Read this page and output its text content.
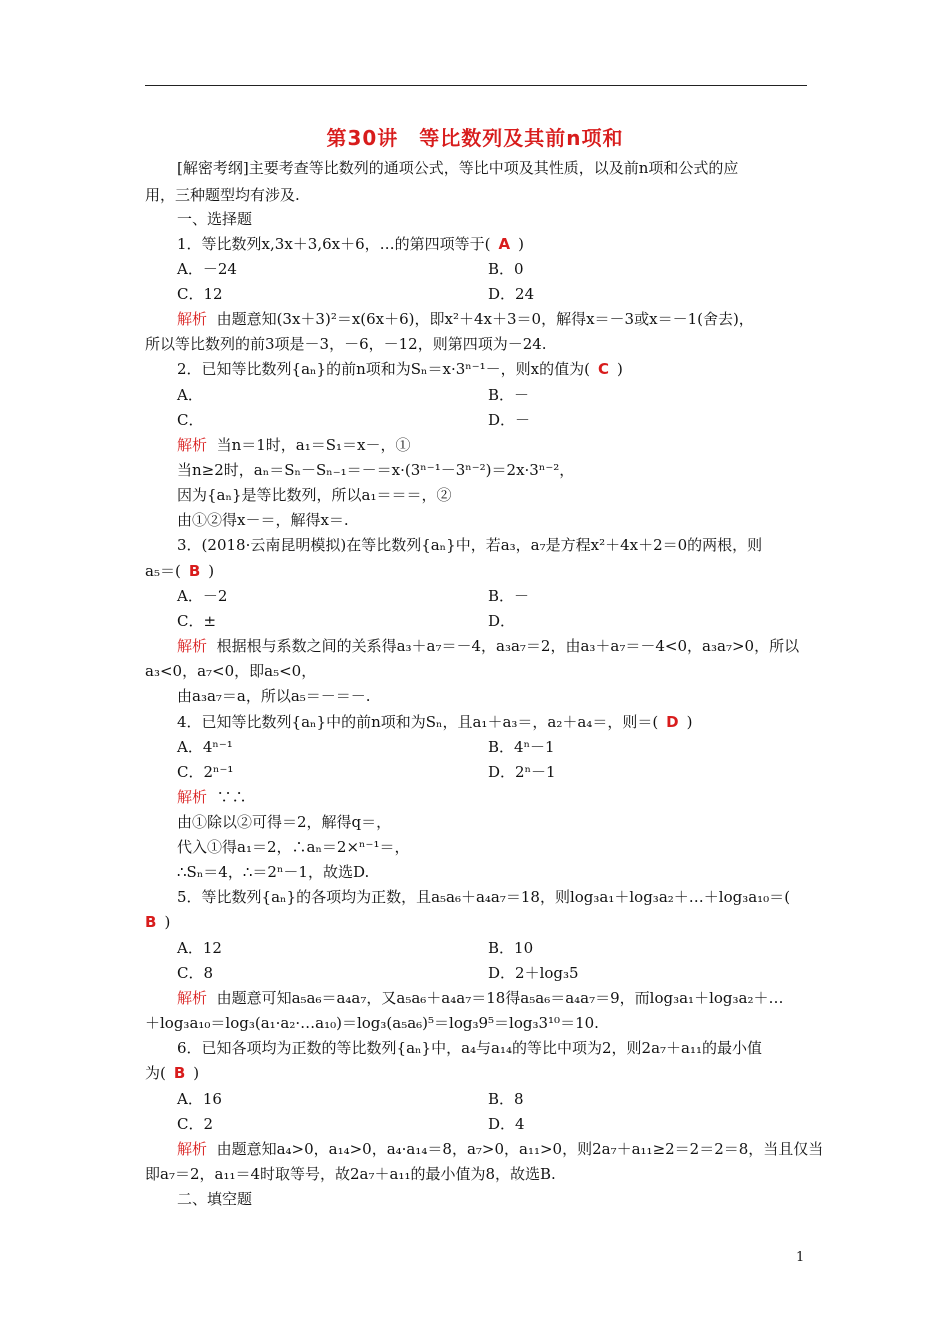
第30讲　等比数列及其前n项和
[解密考纲]主要考查等比数列的通项公式，等比中项及其性质，以及前n项和公式的应
用，三种题型均有涉及.
一、选择题
1．等比数列x,3x＋3,6x＋6，…的第四项等于( A )
A．－24	B．0
C．12	D．24
解析 由题意知(3x＋3)²＝x(6x＋6)，即x²＋4x＋3＝0，解得x＝－3或x＝－1(舍去)，
所以等比数列的前3项是－3，－6，－12，则第四项为－24.
2．已知等比数列{aₙ}的前n项和为Sₙ＝x·3ⁿ⁻¹－，则x的值为( C )
A．	B．－
C．	D．－
解析 当n＝1时，a₁＝S₁＝x－，①
当n≥2时，aₙ＝Sₙ－Sₙ₋₁＝－＝x·(3ⁿ⁻¹－3ⁿ⁻²)＝2x·3ⁿ⁻²，
因为{aₙ}是等比数列，所以a₁＝＝＝，②
由①②得x－＝，解得x＝.
3．(2018·云南昆明模拟)在等比数列{aₙ}中，若a₃，a₇是方程x²＋4x＋2＝0的两根，则
a₅＝( B )
A．－2	B．－
C．±	D．
解析 根据根与系数之间的关系得a₃＋a₇＝－4，a₃a₇＝2，由a₃＋a₇＝－4<0，a₃a₇>0，所以
a₃<0，a₇<0，即a₅<0，
由a₃a₇＝a，所以a₅＝－＝－.
4．已知等比数列{aₙ}中的前n项和为Sₙ，且a₁＋a₃＝，a₂＋a₄＝，则＝( D )
A．4ⁿ⁻¹	B．4ⁿ－1
C．2ⁿ⁻¹	D．2ⁿ－1
解析 ∵∴
由①除以②可得＝2，解得q＝，
代入①得a₁＝2，∴aₙ＝2×ⁿ⁻¹＝，
∴Sₙ＝4，∴＝2ⁿ－1，故选D.
5．等比数列{aₙ}的各项均为正数，且a₅a₆＋a₄a₇＝18，则log₃a₁＋log₃a₂＋…＋log₃a₁₀＝(
B )
A．12	B．10
C．8	D．2＋log₃5
解析 由题意可知a₅a₆＝a₄a₇，又a₅a₆＋a₄a₇＝18得a₅a₆＝a₄a₇＝9，而log₃a₁＋log₃a₂＋…
＋log₃a₁₀＝log₃(a₁·a₂·…a₁₀)＝log₃(a₅a₆)⁵＝log₃9⁵＝log₃3¹⁰＝10.
6．已知各项均为正数的等比数列{aₙ}中，a₄与a₁₄的等比中项为2，则2a₇＋a₁₁的最小值
为( B )
A．16	B．8
C．2	D．4
解析 由题意知a₄>0，a₁₄>0，a₄·a₁₄＝8，a₇>0，a₁₁>0，则2a₇＋a₁₁≥2＝2＝2＝8，当且仅当
即a₇＝2，a₁₁＝4时取等号，故2a₇＋a₁₁的最小值为8，故选B.
二、填空题
1
